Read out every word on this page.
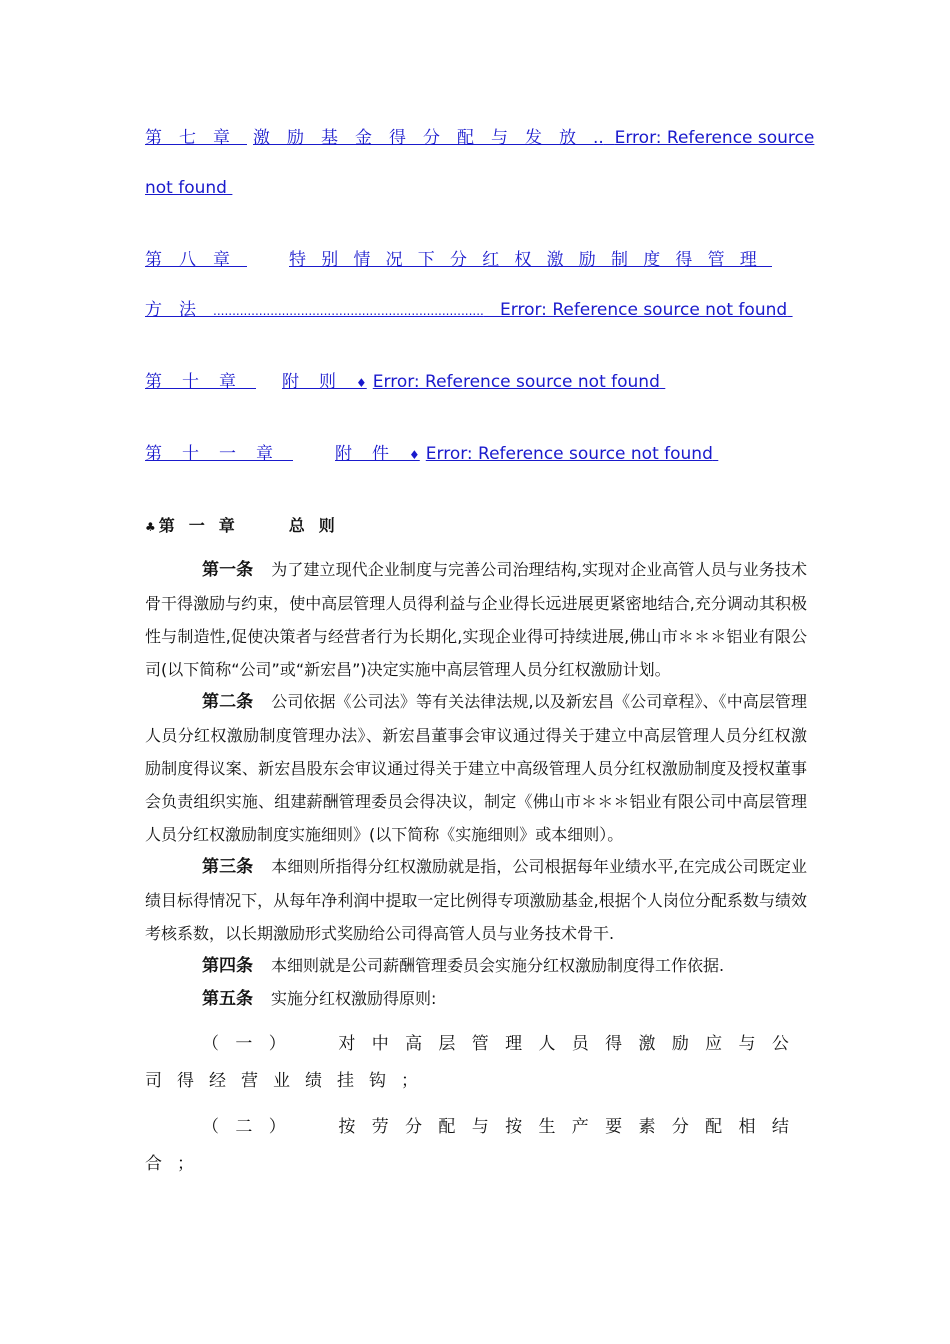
第七章 激励基金得分配与发放.. Error: Reference source
not found
第八章 特别情况下分红权激励制度得管理
方法....................................................................... Error: Reference source not found
第十章 附则♦ Error: Reference source not found
第十一章 附件♦ Error: Reference source not found
♣第一章	总则
第一条 为了建立现代企业制度与完善公司治理结构,实现对企业高管人员与业务技术骨干得激励与约束，使中高层管理人员得利益与企业得长远进展更紧密地结合,充分调动其积极性与制造性,促使决策者与经营者行为长期化,实现企业得可持续进展,佛山市＊＊＊铝业有限公司(以下简称“公司”或“新宏昌”)决定实施中高层管理人员分红权激励计划。
第二条 公司依据《公司法》等有关法律法规,以及新宏昌《公司章程》、《中高层管理人员分红权激励制度管理办法》、新宏昌董事会审议通过得关于建立中高层管理人员分红权激励制度得议案、新宏昌股东会审议通过得关于建立中高级管理人员分红权激励制度及授权董事会负责组织实施、组建薪酬管理委员会得决议，制定《佛山市＊＊＊铝业有限公司中高层管理人员分红权激励制度实施细则》(以下简称《实施细则》或本细则）。
第三条 本细则所指得分红权激励就是指，公司根据每年业绩水平,在完成公司既定业绩目标得情况下，从每年净利润中提取一定比例得专项激励基金,根据个人岗位分配系数与绩效考核系数，以长期激励形式奖励给公司得高管人员与业务技术骨干.
第四条 本细则就是公司薪酬管理委员会实施分红权激励制度得工作依据.
第五条 实施分红权激励得原则:
（ 一 ）	对 中 高 层 管 理 人 员 得 激 励 应 与 公
司得经营业绩挂钩；
（ 二 ）	按 劳 分 配 与 按 生 产 要 素 分 配 相 结
合；
